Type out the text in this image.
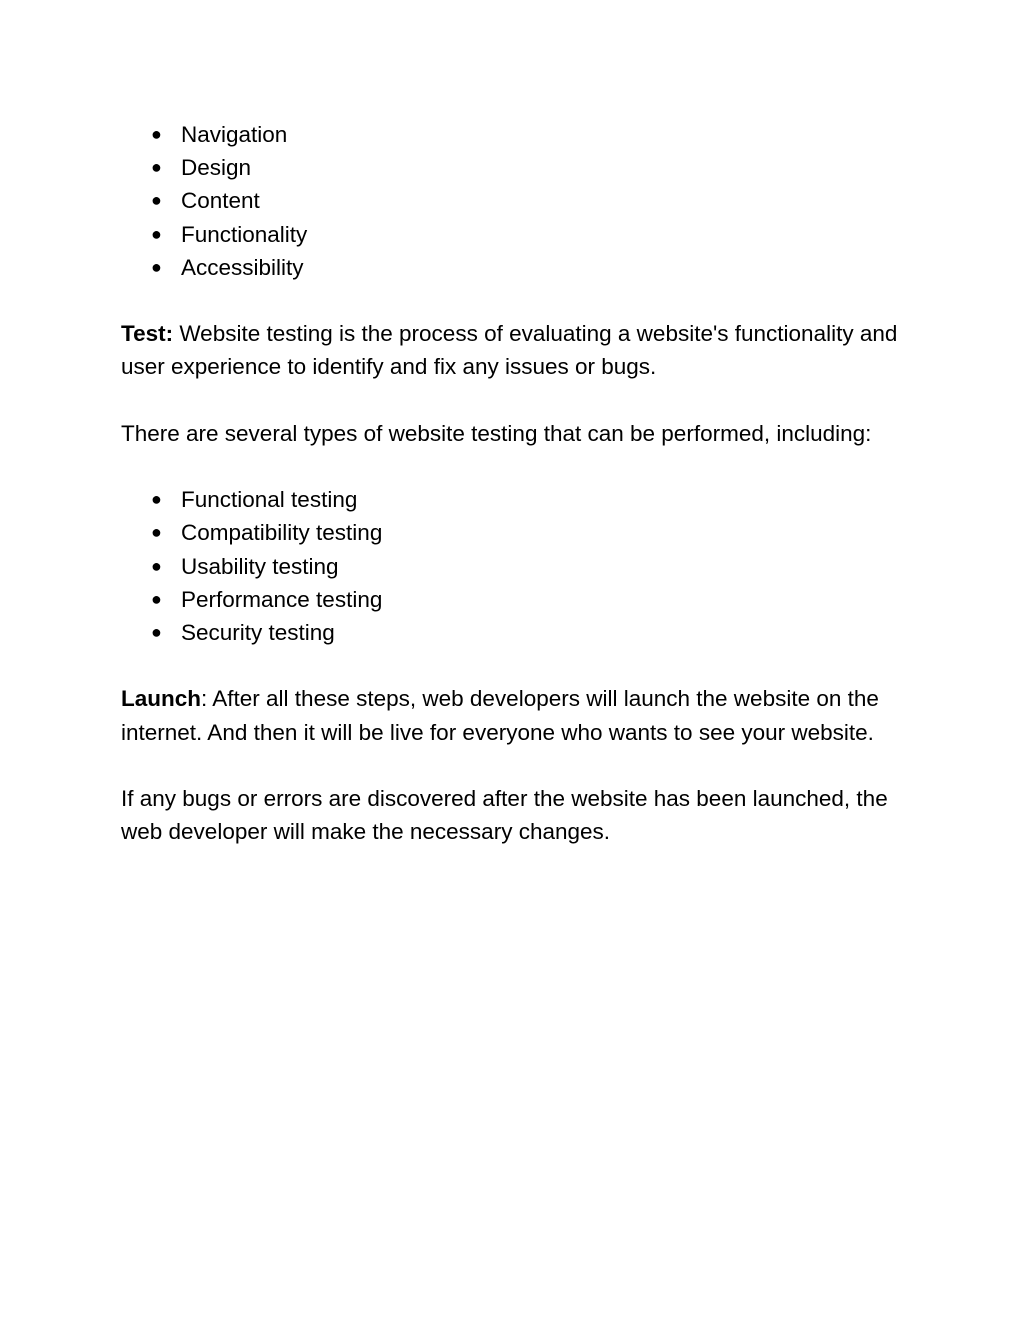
● Navigation
● Design
● Content
● Functionality
● Accessibility

Test: Website testing is the process of evaluating a website's functionality and user experience to identify and fix any issues or bugs.

There are several types of website testing that can be performed, including:

● Functional testing
● Compatibility testing
● Usability testing
● Performance testing
● Security testing

Launch: After all these steps, web developers will launch the website on the internet. And then it will be live for everyone who wants to see your website.

If any bugs or errors are discovered after the website has been launched, the web developer will make the necessary changes.
